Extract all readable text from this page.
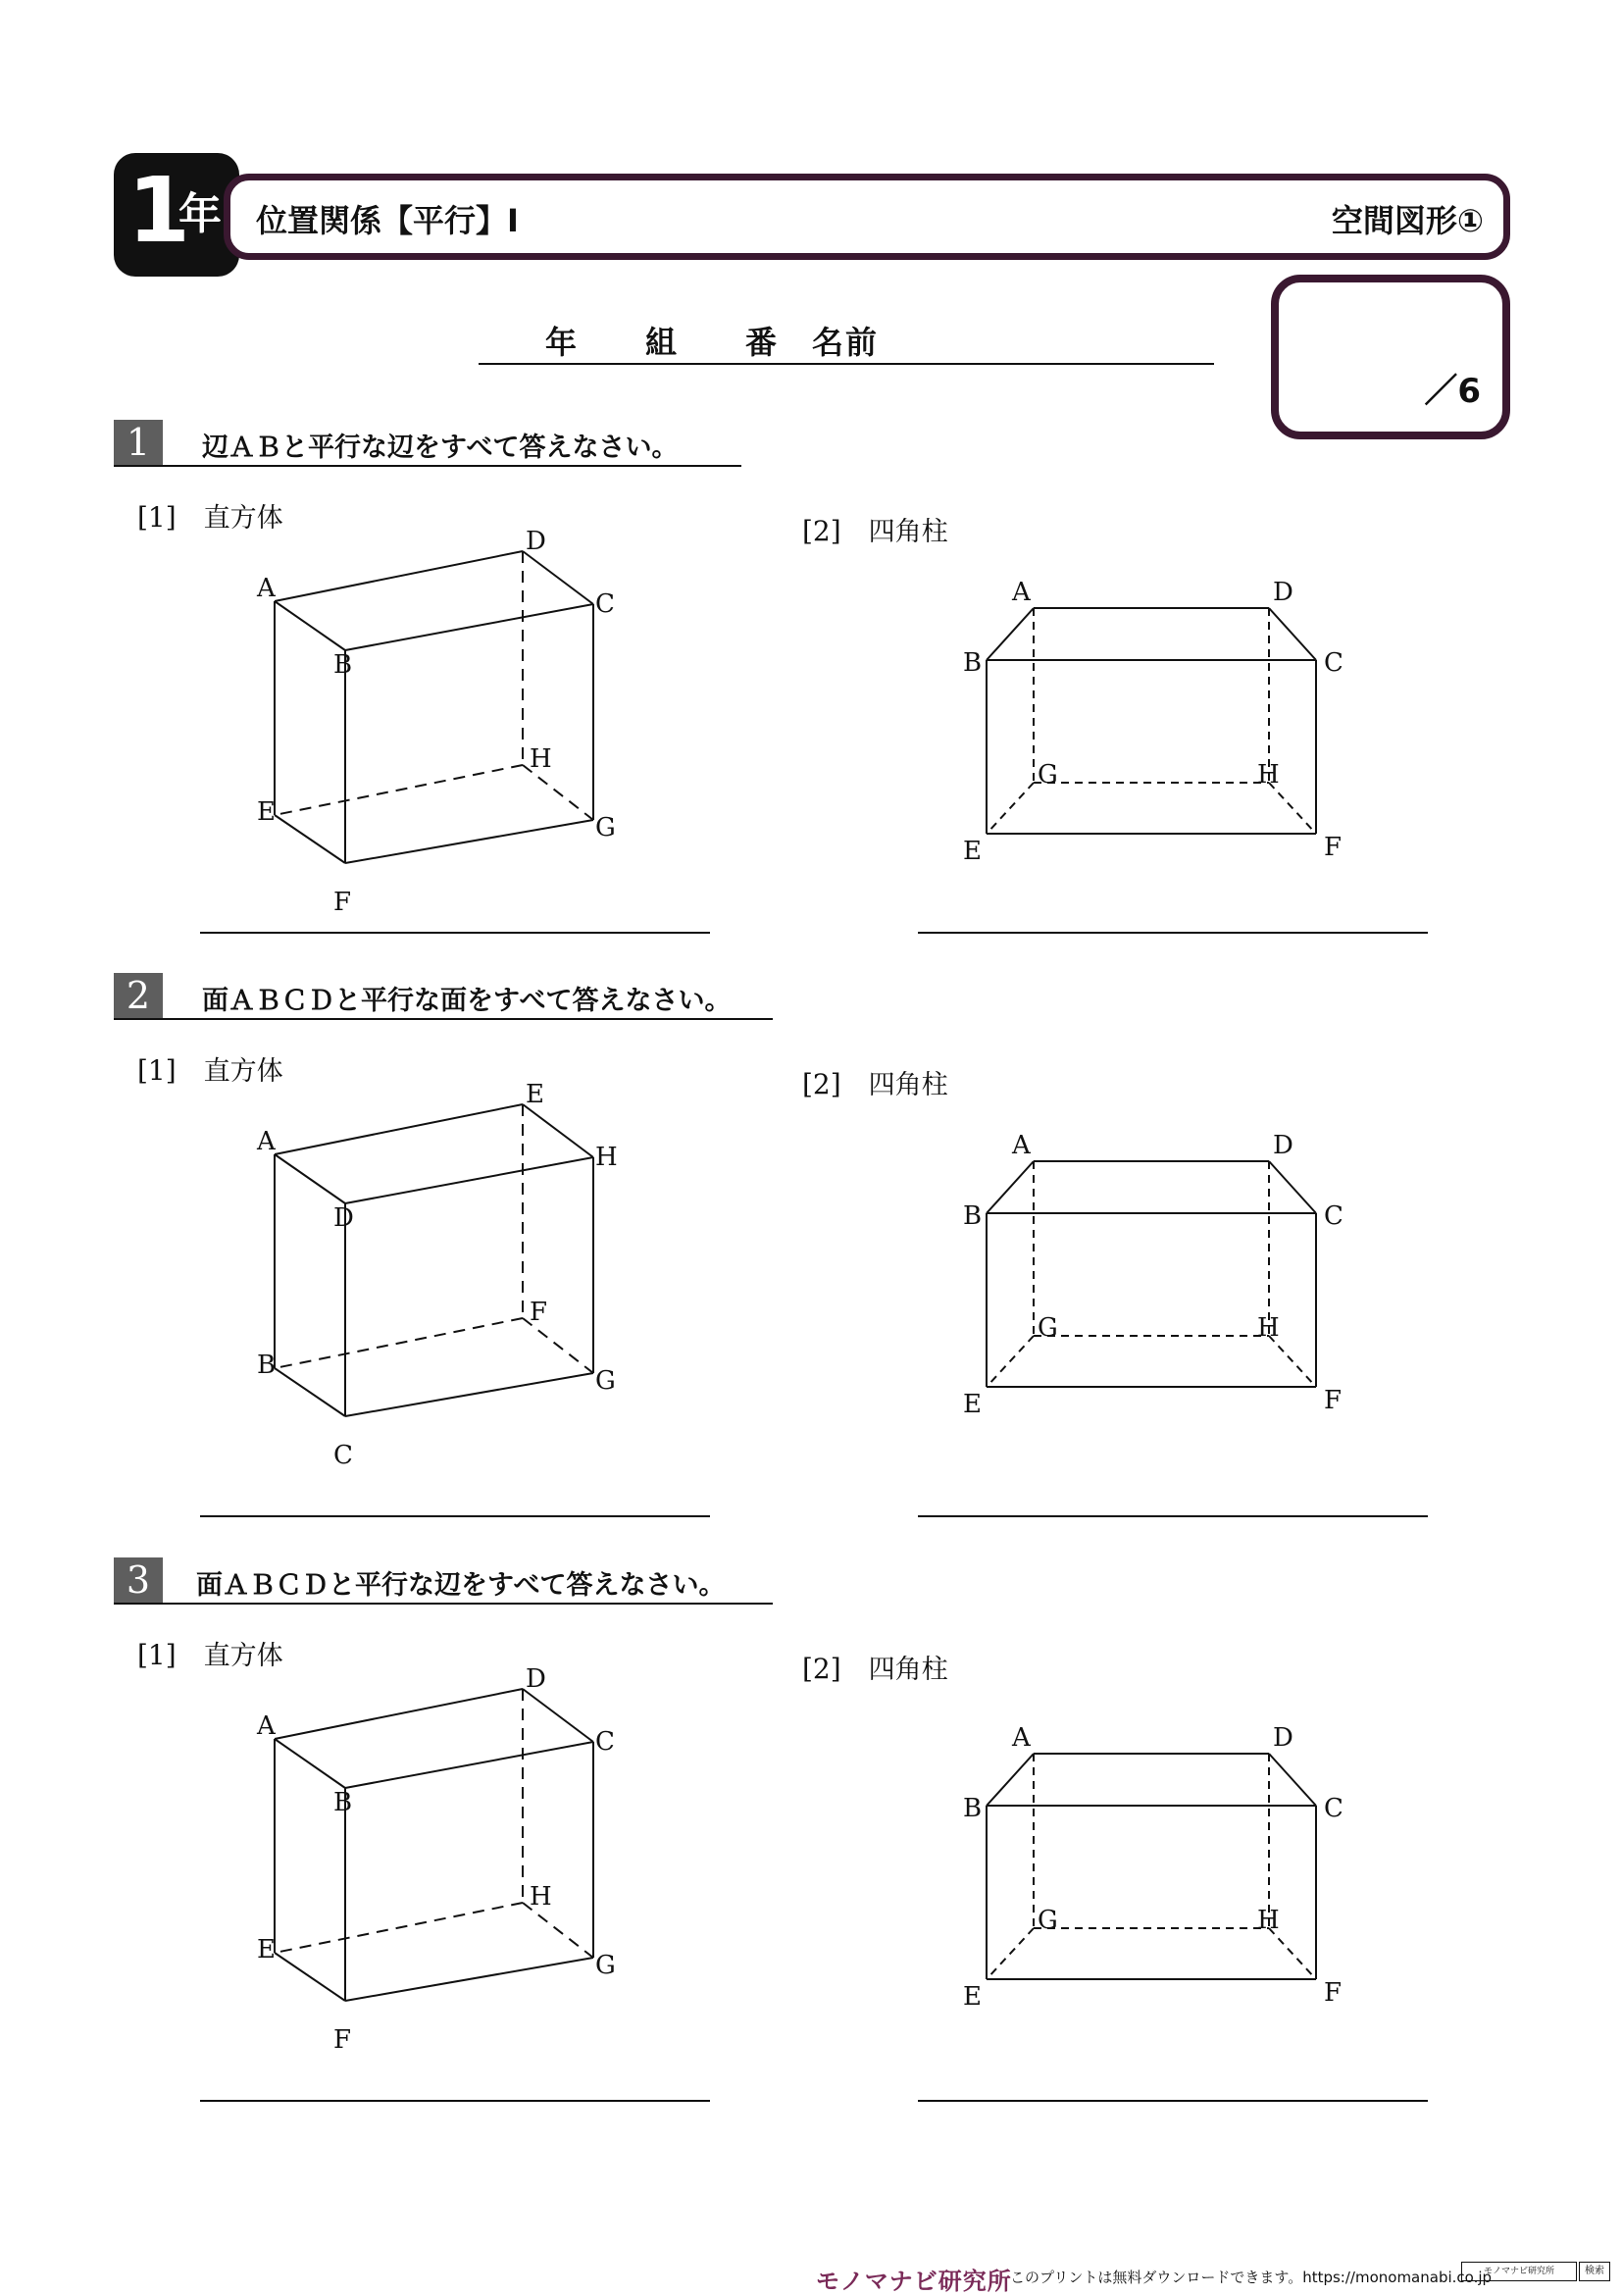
1
年 位置関係【平行】Ⅰ	空間図形①
年　　組　　番　名前
／6
1	辺ＡＢと平行な辺をすべて答えなさい。
[1] 直方体	[2] 四角柱
A
B
C
D
E
F
G
H
A
B	C
D
E	F
G	H
2	面ＡＢＣＤと平行な面をすべて答えなさい。
[1] 直方体	[2] 四角柱
A
D
H
E
B
C
G
F
A
B	C
D
E	F
G	H
3	面ＡＢＣＤと平行な辺をすべて答えなさい。
[1] 直方体	[2] 四角柱
A
B
C
D
E
F
G
H
A
B	C
D
E	F
G	H
モノマナビ研究所
このプリントは無料ダウンロードできます。https://monomanabi.co.jp
モノマナビ研究所	検索
